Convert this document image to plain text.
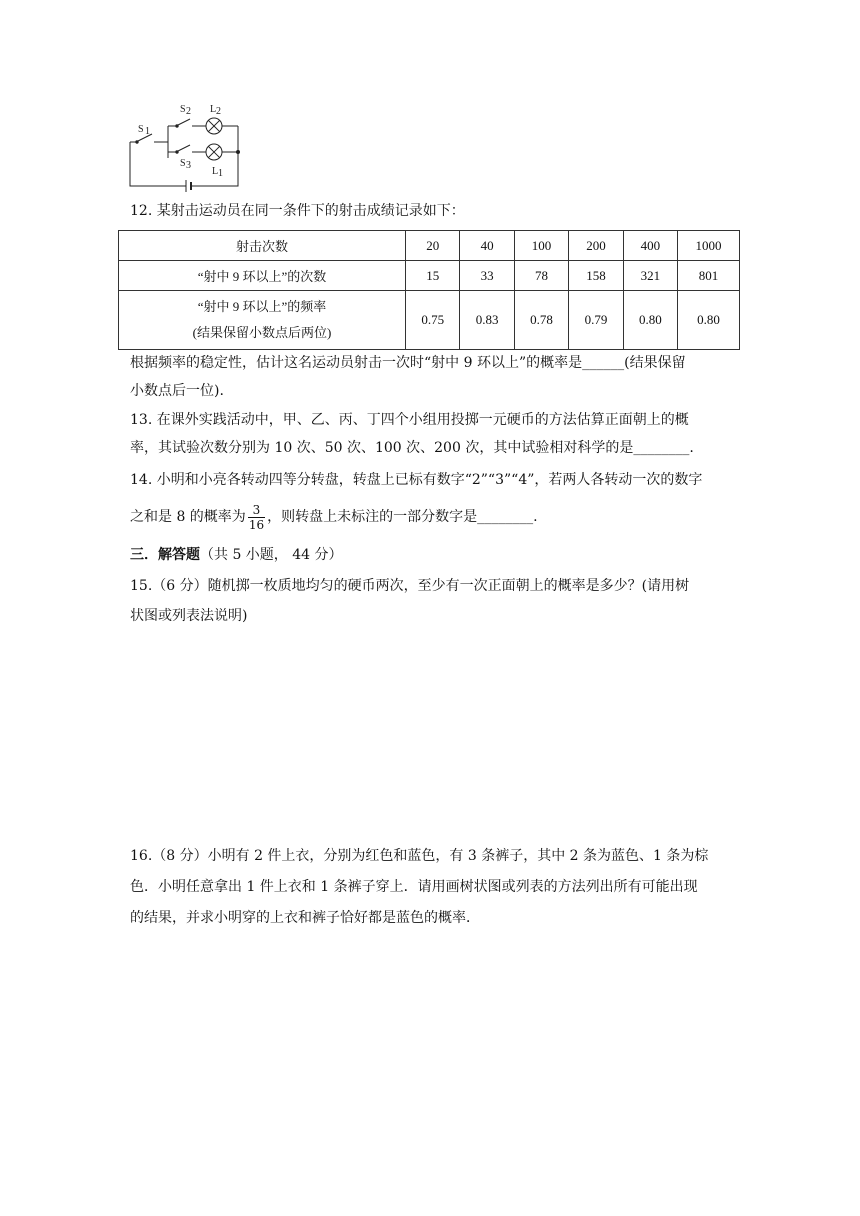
S 1
S 2 L 2
S 3
L 1
12. 某射击运动员在同一条件下的射击成绩记录如下：
射击次数	20	40	100	200	400	1000
“射中 9 环以上”的次数	15	33	78	158	321	801

“射中 9 环以上”的频率
(结果保留小数点后两位)	0.75	0.83	0.78	0.79	0.80	0.80
根据频率的稳定性，估计这名运动员射击一次时“射中 9 环以上”的概率是______(结果保留
小数点后一位).
13. 在课外实践活动中，甲、乙、丙、丁四个小组用投掷一元硬币的方法估算正面朝上的概
率，其试验次数分别为 10 次、50 次、100 次、200 次，其中试验相对科学的是________.
14. 小明和小亮各转动四等分转盘，转盘上已标有数字“2”“3”“4”，若两人各转动一次的数字
之和是 8 的概率为 $\frac{3}{16}$ ，则转盘上未标注的一部分数字是________.
三．解答题（共 5 小题， 44 分）
15.（6 分）随机掷一枚质地均匀的硬币两次，至少有一次正面朝上的概率是多少？(请用树
状图或列表法说明)
16.（8 分）小明有 2 件上衣，分别为红色和蓝色，有 3 条裤子，其中 2 条为蓝色、1 条为棕
色．小明任意拿出 1 件上衣和 1 条裤子穿上．请用画树状图或列表的方法列出所有可能出现
的结果，并求小明穿的上衣和裤子恰好都是蓝色的概率．
